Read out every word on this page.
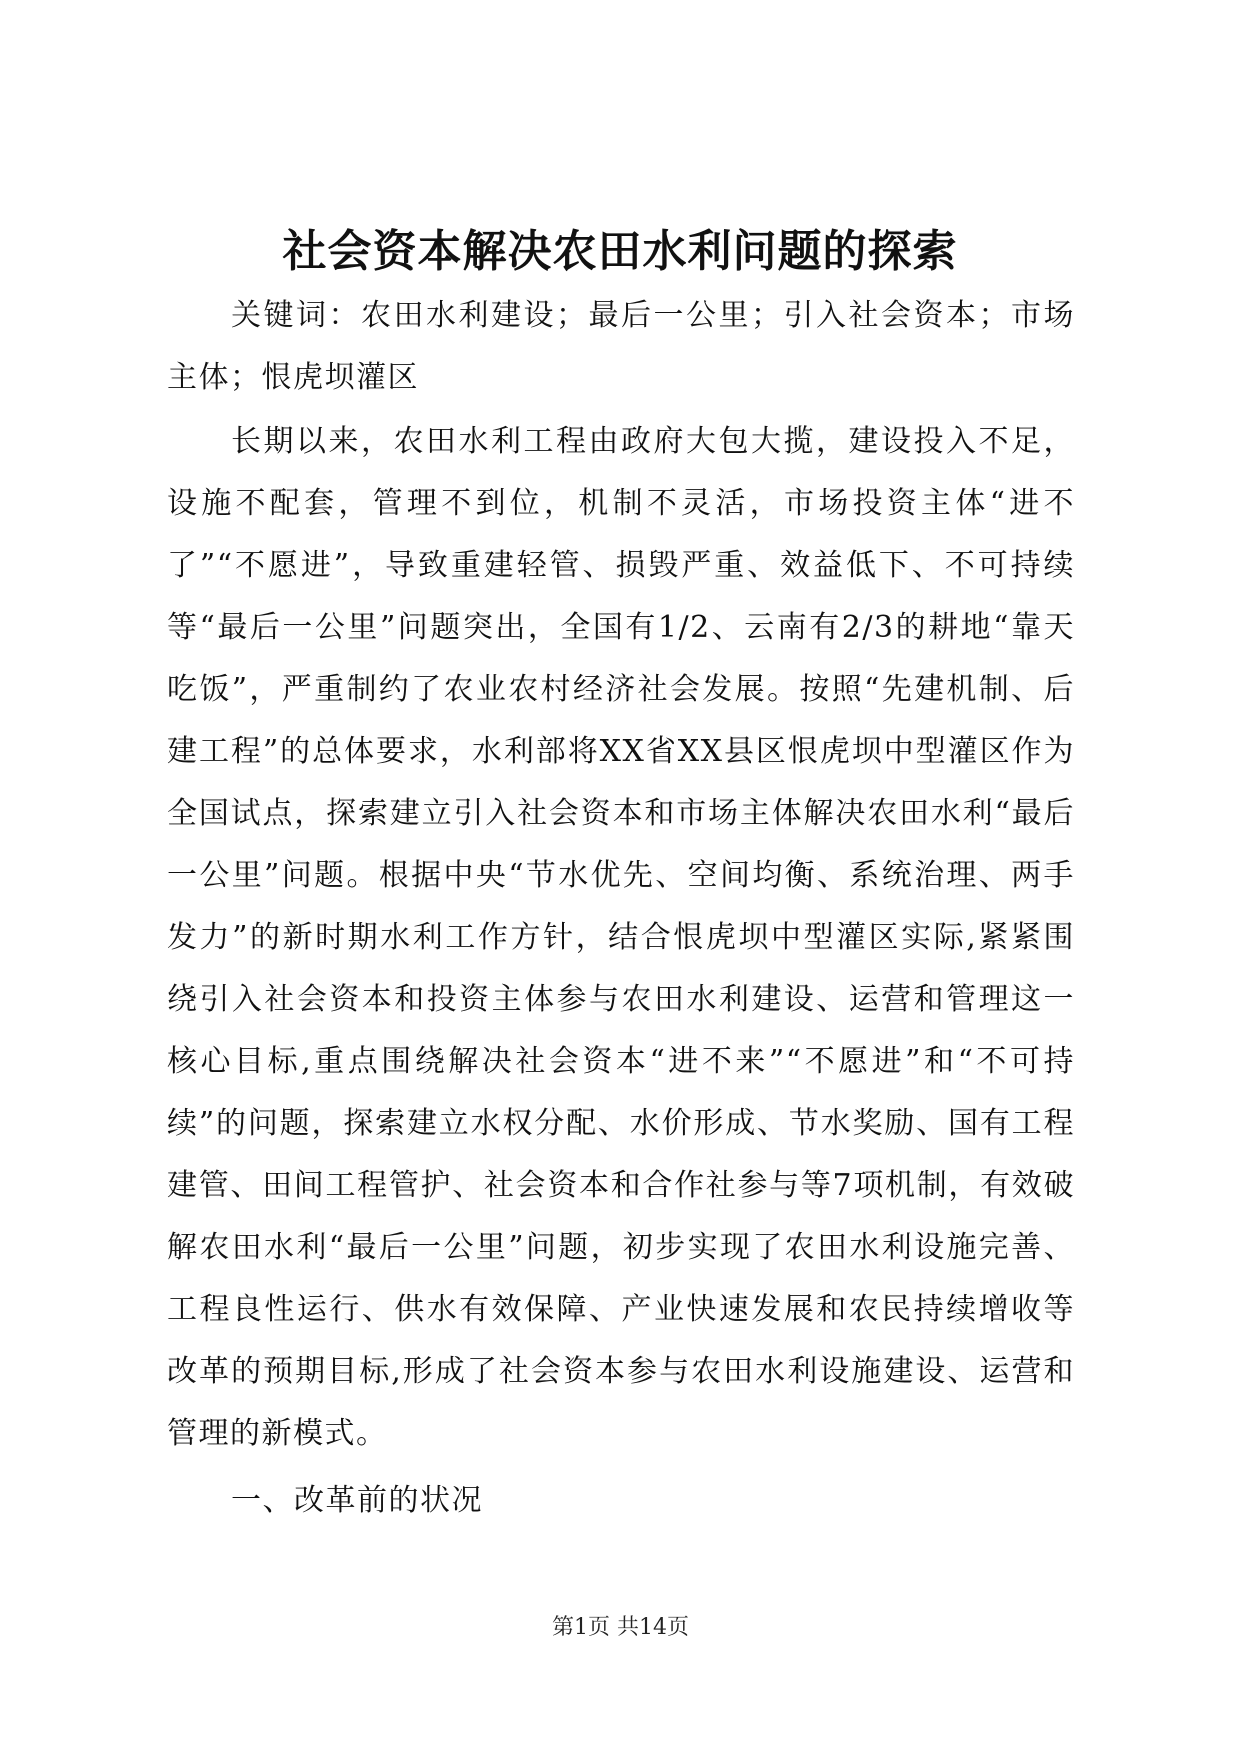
社会资本解决农田水利问题的探索

关键词：农田水利建设；最后一公里；引入社会资本；市场主体；恨虎坝灌区

长期以来，农田水利工程由政府大包大揽，建设投入不足，设施不配套，管理不到位，机制不灵活，市场投资主体“进不了”“不愿进”，导致重建轻管、损毁严重、效益低下、不可持续等“最后一公里”问题突出，全国有1/2、云南有2/3的耕地“靠天吃饭”，严重制约了农业农村经济社会发展。按照“先建机制、后建工程”的总体要求，水利部将XX省XX县区恨虎坝中型灌区作为全国试点，探索建立引入社会资本和市场主体解决农田水利“最后一公里”问题。根据中央“节水优先、空间均衡、系统治理、两手发力”的新时期水利工作方针，结合恨虎坝中型灌区实际,紧紧围绕引入社会资本和投资主体参与农田水利建设、运营和管理这一核心目标,重点围绕解决社会资本“进不来”“不愿进”和“不可持续”的问题，探索建立水权分配、水价形成、节水奖励、国有工程建管、田间工程管护、社会资本和合作社参与等7项机制，有效破解农田水利“最后一公里”问题，初步实现了农田水利设施完善、工程良性运行、供水有效保障、产业快速发展和农民持续增收等改革的预期目标,形成了社会资本参与农田水利设施建设、运营和管理的新模式。

一、改革前的状况

第1页 共14页
